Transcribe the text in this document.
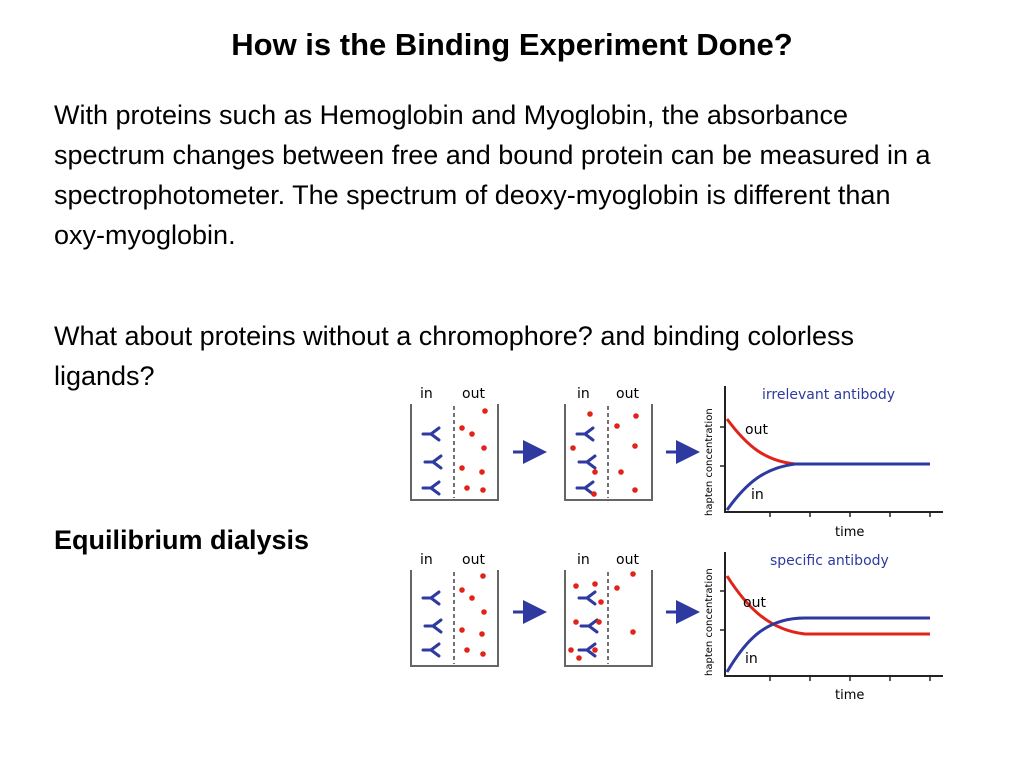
How is the Binding Experiment Done?
With proteins such as Hemoglobin and Myoglobin, the absorbance spectrum changes between free and bound protein can be measured in a spectrophotometer. The spectrum of deoxy-myoglobin is different than oxy-myoglobin.
What about proteins without a chromophore? and binding colorless ligands?
Equilibrium dialysis
in out	in out	irrelevant antibody
hapten concentration out
in
time
in out	in out	specific antibody
hapten concentration out
in
time
